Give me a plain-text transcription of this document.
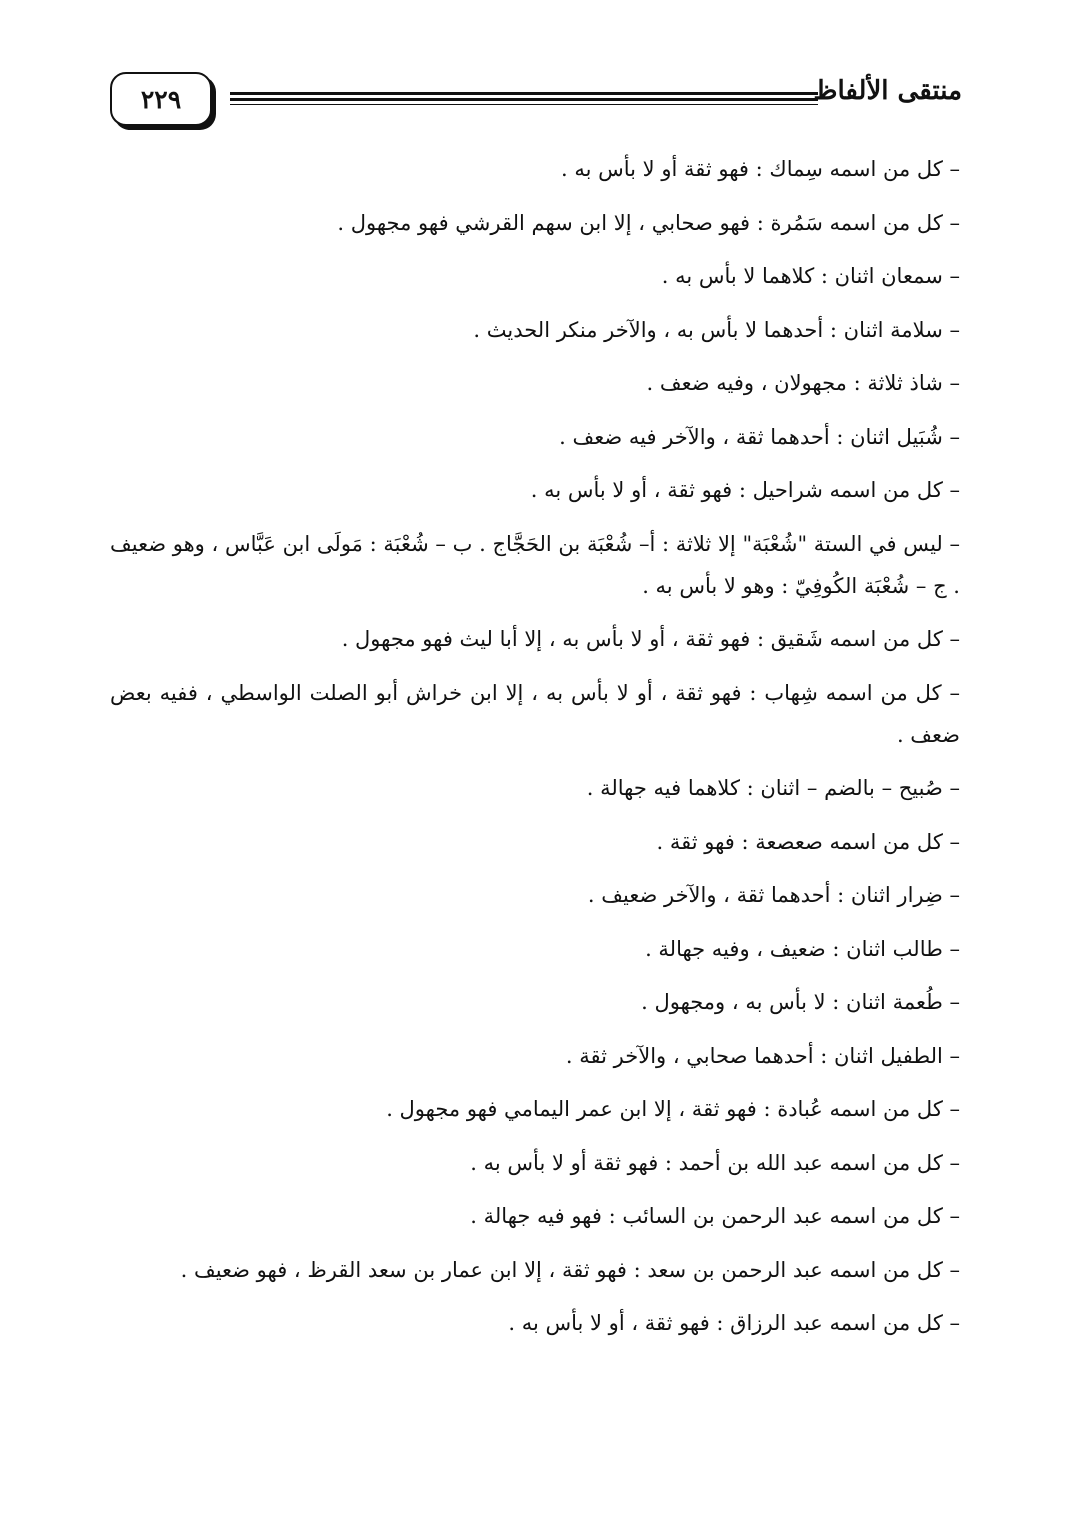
٢٢٩	منتقى الألفاظ

– كل من اسمه سِماك : فهو ثقة أو لا بأس به .

– كل من اسمه سَمُرة : فهو صحابي ، إلا ابن سهم القرشي فهو مجهول .

– سمعان اثنان : كلاهما لا بأس به .

– سلامة اثنان : أحدهما لا بأس به ، والآخر منكر الحديث .

– شاذ ثلاثة : مجهولان ، وفيه ضعف .

– شُبَيل اثنان : أحدهما ثقة ، والآخر فيه ضعف .

– كل من اسمه شراحيل : فهو ثقة ، أو لا بأس به .

– ليس في الستة "شُعْبَة" إلا ثلاثة : أ– شُعْبَة بن الحَجَّاج . ب – شُعْبَة : مَولَى ابن عَبَّاس ، وهو ضعيف . ج – شُعْبَة الكُوفِيّ : وهو لا بأس به .

– كل من اسمه شَقيق : فهو ثقة ، أو لا بأس به ، إلا أبا ليث فهو مجهول .

– كل من اسمه شِهاب : فهو ثقة ، أو لا بأس به ، إلا ابن خراش أبو الصلت الواسطي ، ففيه بعض ضعف .

– صُبيح – بالضم – اثنان : كلاهما فيه جهالة .

– كل من اسمه صعصعة : فهو ثقة .

– ضِرار اثنان : أحدهما ثقة ، والآخر ضعيف .

– طالب اثنان : ضعيف ، وفيه جهالة .

– طُعمة اثنان : لا بأس به ، ومجهول .

– الطفيل اثنان : أحدهما صحابي ، والآخر ثقة .

– كل من اسمه عُبادة : فهو ثقة ، إلا ابن عمر اليمامي فهو مجهول .

– كل من اسمه عبد الله بن أحمد : فهو ثقة أو لا بأس به .

– كل من اسمه عبد الرحمن بن السائب : فهو فيه جهالة .

– كل من اسمه عبد الرحمن بن سعد : فهو ثقة ، إلا ابن عمار بن سعد القرظ ، فهو ضعيف .

– كل من اسمه عبد الرزاق : فهو ثقة ، أو لا بأس به .
